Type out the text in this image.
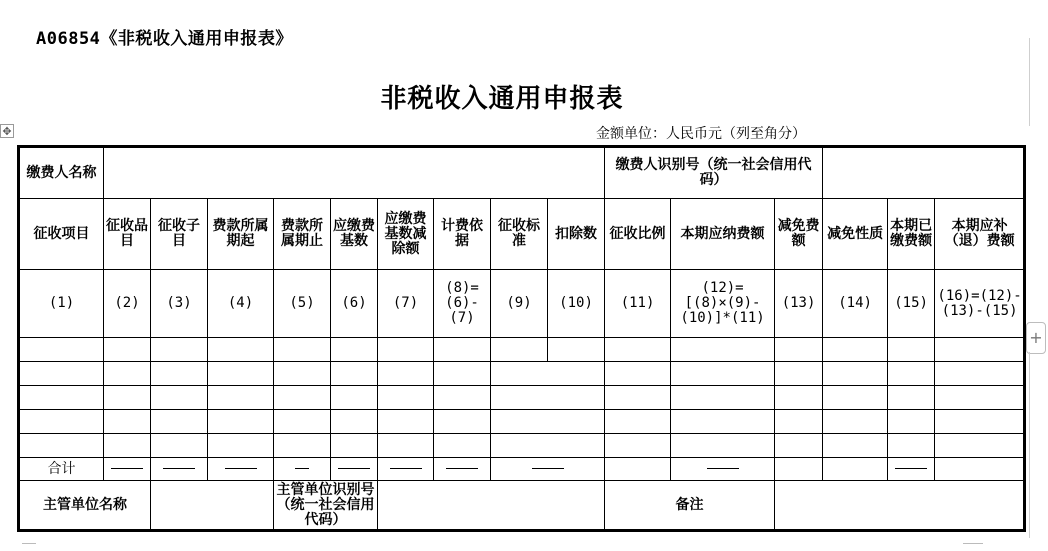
A06854《非税收入通用申报表》
非税收入通用申报表
金额单位：人民币元（列至角分）
✥
+
缴费人名称										缴费人识别号（统一社会信用代码）						
征收项目	征收品目	征收子目	费款所属期起	费款所属期止	应缴费基数	应缴费基数减除额	计费依据	征收标准	扣除数	征收比例	本期应纳费额	减免费额	减免性质	本期已缴费额	本期应补（退）费额	
(1)	(2)	(3)	(4)	(5)	(6)	(7)	(8)=(6)-(7)	(9)	(10)	(11)	(12)=[(8)×(9)-(10)]*(11)	(13)	(14)	(15)	(16)=(12)-(13)-(15)	

合计																
主管单位名称				主管单位识别号（统一社会信用代码）						备注						
